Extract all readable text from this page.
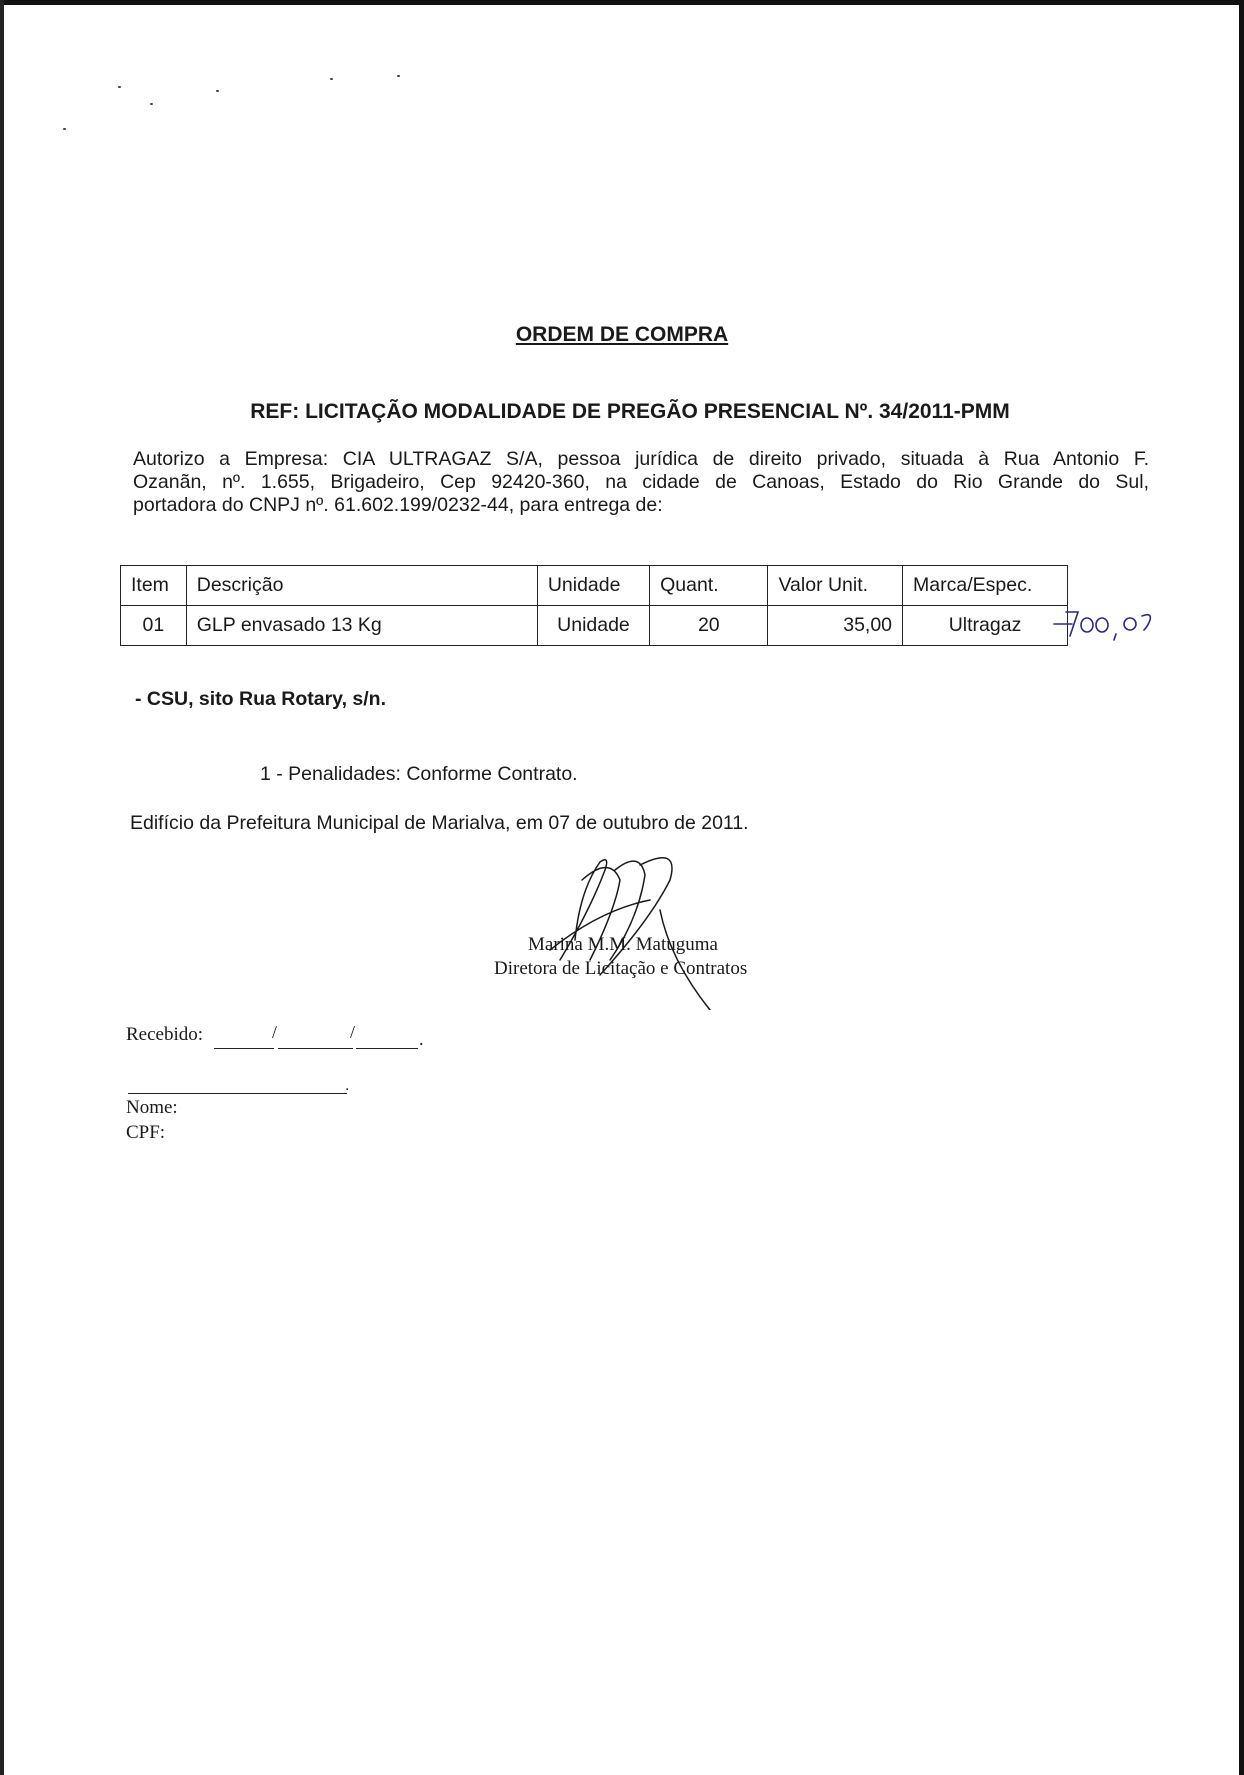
ORDEM DE COMPRA
REF: LICITAÇÃO MODALIDADE DE PREGÃO PRESENCIAL Nº. 34/2011-PMM
Autorizo a Empresa: CIA ULTRAGAZ S/A, pessoa jurídica de direito privado, situada à Rua Antonio F.
Ozanãn, nº. 1.655, Brigadeiro, Cep 92420-360, na cidade de Canoas, Estado do Rio Grande do Sul,
portadora do CNPJ nº. 61.602.199/0232-44, para entrega de:
Item	Descrição	Unidade	Quant.	Valor Unit.	Marca/Espec.
01	GLP envasado 13 Kg	Unidade	20	35,00	Ultragaz
- CSU, sito Rua Rotary, s/n.
1 - Penalidades: Conforme Contrato.
Edifício da Prefeitura Municipal de Marialva, em 07 de outubro de 2011.
Marina M.M. Matuguma
Diretora de Licitação e Contratos
Recebido:	/	/	.
.
Nome:
CPF:
